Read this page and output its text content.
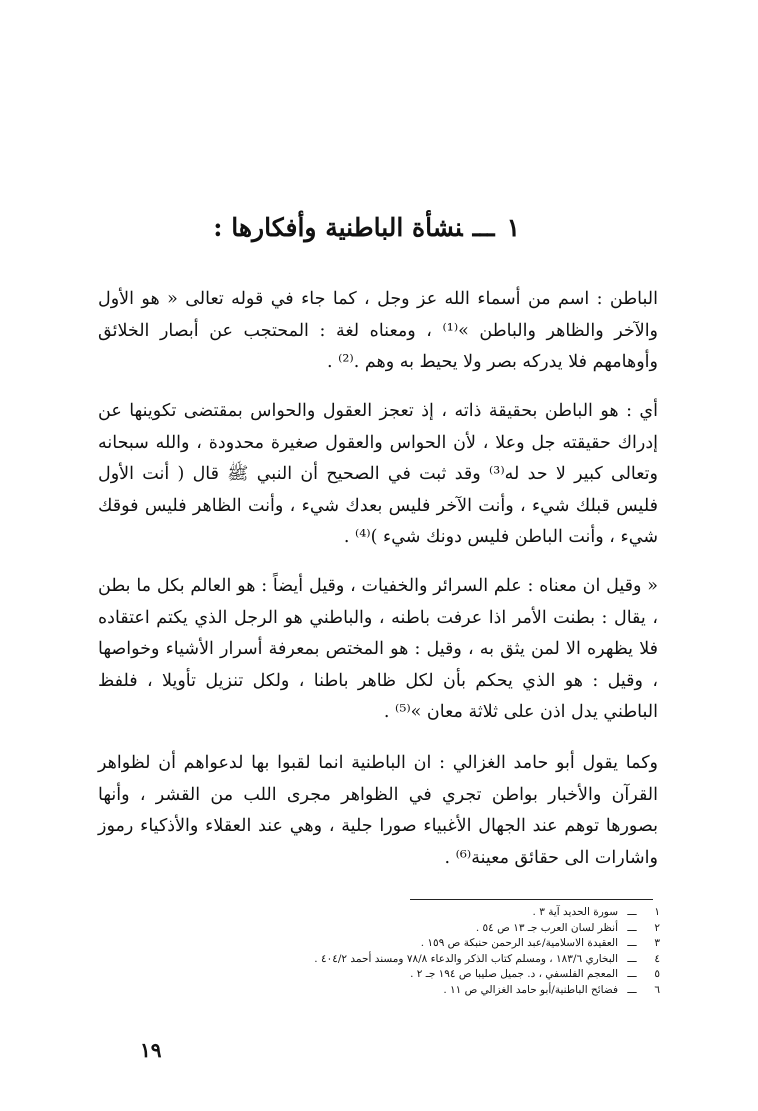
١ـــنشأة الباطنية وأفكارها :

الباطن : اسم من أسماء الله عز وجل ، كما جاء في قوله تعالى « هو الأول والآخر والظاهر والباطن »⁽¹⁾ ، ومعناه لغة : المحتجب عن أبصار الخلائق وأوهامهم فلا يدركه بصر ولا يحيط به وهم .⁽²⁾ .

أي : هو الباطن بحقيقة ذاته ، إذ تعجز العقول والحواس بمقتضى تكوينها عن إدراك حقيقته جل وعلا ، لأن الحواس والعقول صغيرة محدودة ، والله سبحانه وتعالى كبير لا حد له⁽³⁾ وقد ثبت في الصحيح أن النبي ﷺ قال ( أنت الأول فليس قبلك شيء ، وأنت الآخر فليس بعدك شيء ، وأنت الظاهر فليس فوقك شيء ، وأنت الباطن فليس دونك شيء )⁽⁴⁾ .

« وقيل ان معناه : علم السرائر والخفيات ، وقيل أيضاً : هو العالم بكل ما بطن ، يقال : بطنت الأمر اذا عرفت باطنه ، والباطني هو الرجل الذي يكتم اعتقاده فلا يظهره الا لمن يثق به ، وقيل : هو المختص بمعرفة أسرار الأشياء وخواصها ، وقيل : هو الذي يحكم بأن لكل ظاهر باطنا ، ولكل تنزيل تأويلا ، فلفظ الباطني يدل اذن على ثلاثة معان »⁽⁵⁾ .

وكما يقول أبو حامد الغزالي : ان الباطنية انما لقبوا بها لدعواهم أن لظواهر القرآن والأخبار بواطن تجري في الظواهر مجرى اللب من القشر ، وأنها بصورها توهم عند الجهال الأغبياء صورا جلية ، وهي عند العقلاء والأذكياء رموز واشارات الى حقائق معينة⁽⁶⁾ .

١
ـــ
سورة الحديد آية ٣ .
٢
ـــ
أنظر لسان العرب جـ ١٣ ص ٥٤ .
٣
ـــ
العقيدة الاسلامية/عبد الرحمن حنبكة ص ١٥٩ .
٤
ـــ
البخاري ١٨٣/٦ ، ومسلم كتاب الذكر والدعاء ٧٨/٨ ومسند أحمد ٤٠٤/٢ .
٥
ـــ
المعجم الفلسفي ، د. جميل صليبا ص ١٩٤ جـ ٢ .
٦
ـــ
فضائح الباطنية/أبو حامد الغزالي ص ١١ .
١٩
